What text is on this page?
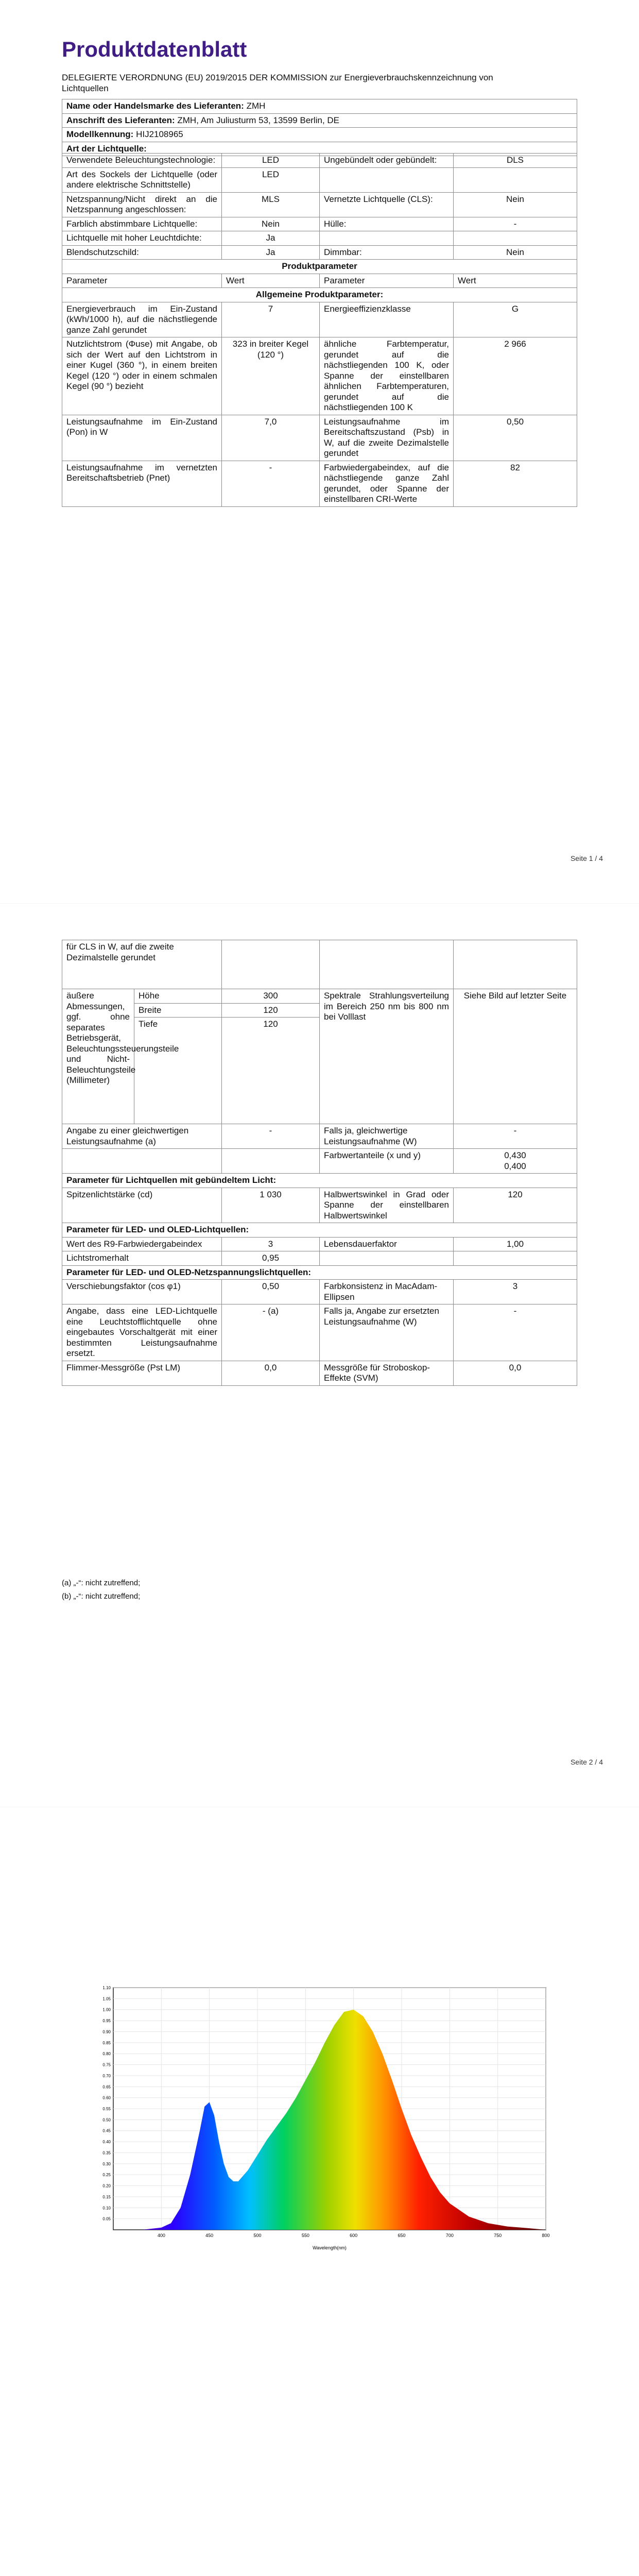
Produktdatenblatt
DELEGIERTE VERORDNUNG (EU) 2019/2015 DER KOMMISSION zur Energieverbrauchskennzeichnung von Lichtquellen
Name oder Handelsmarke des Lieferanten: ZMH
Anschrift des Lieferanten: ZMH, Am Juliusturm 53, 13599 Berlin, DE
Modellkennung: HIJ2108965
Art der Lichtquelle:
Verwendete Beleuchtungstechnologie:	LED	Ungebündelt oder gebündelt:	DLS
Art des Sockels der Lichtquelle (oder andere elektrische Schnittstelle)	LED		
Netzspannung/Nicht direkt an die Netzspannung angeschlossen:	MLS	Vernetzte Lichtquelle (CLS):	Nein
Farblich abstimmbare Lichtquelle:	Nein	Hülle:	-
Lichtquelle mit hoher Leuchtdichte:	Ja		
Blendschutzschild:	Ja	Dimmbar:	Nein
Produktparameter			
Parameter	Wert	Parameter	Wert
Allgemeine Produktparameter:			
Energieverbrauch im Ein-Zustand (kWh/1000 h), auf die nächstliegende ganze Zahl gerundet	7	Energieeffizienzklasse	G
Nutzlichtstrom (Φuse) mit Angabe, ob sich der Wert auf den Lichtstrom in einer Kugel (360 °), in einem breiten Kegel (120 °) oder in einem schmalen Kegel (90 °) bezieht	323 in breiter Kegel (120 °)	ähnliche Farbtemperatur, gerundet auf die nächstliegenden 100 K, oder Spanne der einstellbaren ähnlichen Farbtemperaturen, gerundet auf die nächstliegenden 100 K	2 966
Leistungsaufnahme im Ein-Zustand (Pon) in W	7,0	Leistungsaufnahme im Bereitschaftszustand (Psb) in W, auf die zweite Dezimalstelle gerundet	0,50
Leistungsaufnahme im vernetzten Bereitschaftsbetrieb (Pnet)	-	Farbwiedergabeindex, auf die nächstliegende ganze Zahl gerundet, oder Spanne der einstellbaren CRI-Werte	82
Seite 1 / 4
für CLS in W, auf die zweite Dezimalstelle gerundet				
äußere Abmessungen, ggf. ohne separates Betriebsgerät, Beleuchtungssteuerungsteile und Nicht-Beleuchtungsteile (Millimeter)	Höhe	300	Spektrale Strahlungsverteilung im Bereich 250 nm bis 800 nm bei Volllast	Siehe Bild auf letzter Seite
	Breite	120		
	Tiefe	120		
Angabe zu einer gleichwertigen Leistungsaufnahme (a)		-	Falls ja, gleichwertige Leistungsaufnahme (W)	-
			Farbwertanteile (x und y)	0,430
0,400
Parameter für Lichtquellen mit gebündeltem Licht:				
Spitzenlichtstärke (cd)		1 030	Halbwertswinkel in Grad oder Spanne der einstellbaren Halbwertswinkel	120
Parameter für LED- und OLED-Lichtquellen:				
Wert des R9-Farbwiedergabeindex		3	Lebensdauerfaktor	1,00
Lichtstromerhalt		0,95		
Parameter für LED- und OLED-Netzspannungslichtquellen:				
Verschiebungsfaktor (cos φ1)		0,50	Farbkonsistenz in MacAdam-Ellipsen	3
Angabe, dass eine LED-Lichtquelle eine Leuchtstofflichtquelle ohne eingebautes Vorschaltgerät mit einer bestimmten Leistungsaufnahme ersetzt.		- (a)	Falls ja, Angabe zur ersetzten Leistungsaufnahme (W)	-
Flimmer-Messgröße (Pst LM)		0,0	Messgröße für Stroboskop-Effekte (SVM)	0,0
(a) „-“: nicht zutreffend;
(b) „-“: nicht zutreffend;
Seite 2 / 4
400	450	500	550	600	650	700	750	800
0.05
0.10
0.15
0.20
0.25
0.30
0.35
0.40
0.45
0.50
0.55
0.60
0.65
0.70
0.75
0.80
0.85
0.90
0.95
1.00
1.05
1.10
Wavelength(nm)
